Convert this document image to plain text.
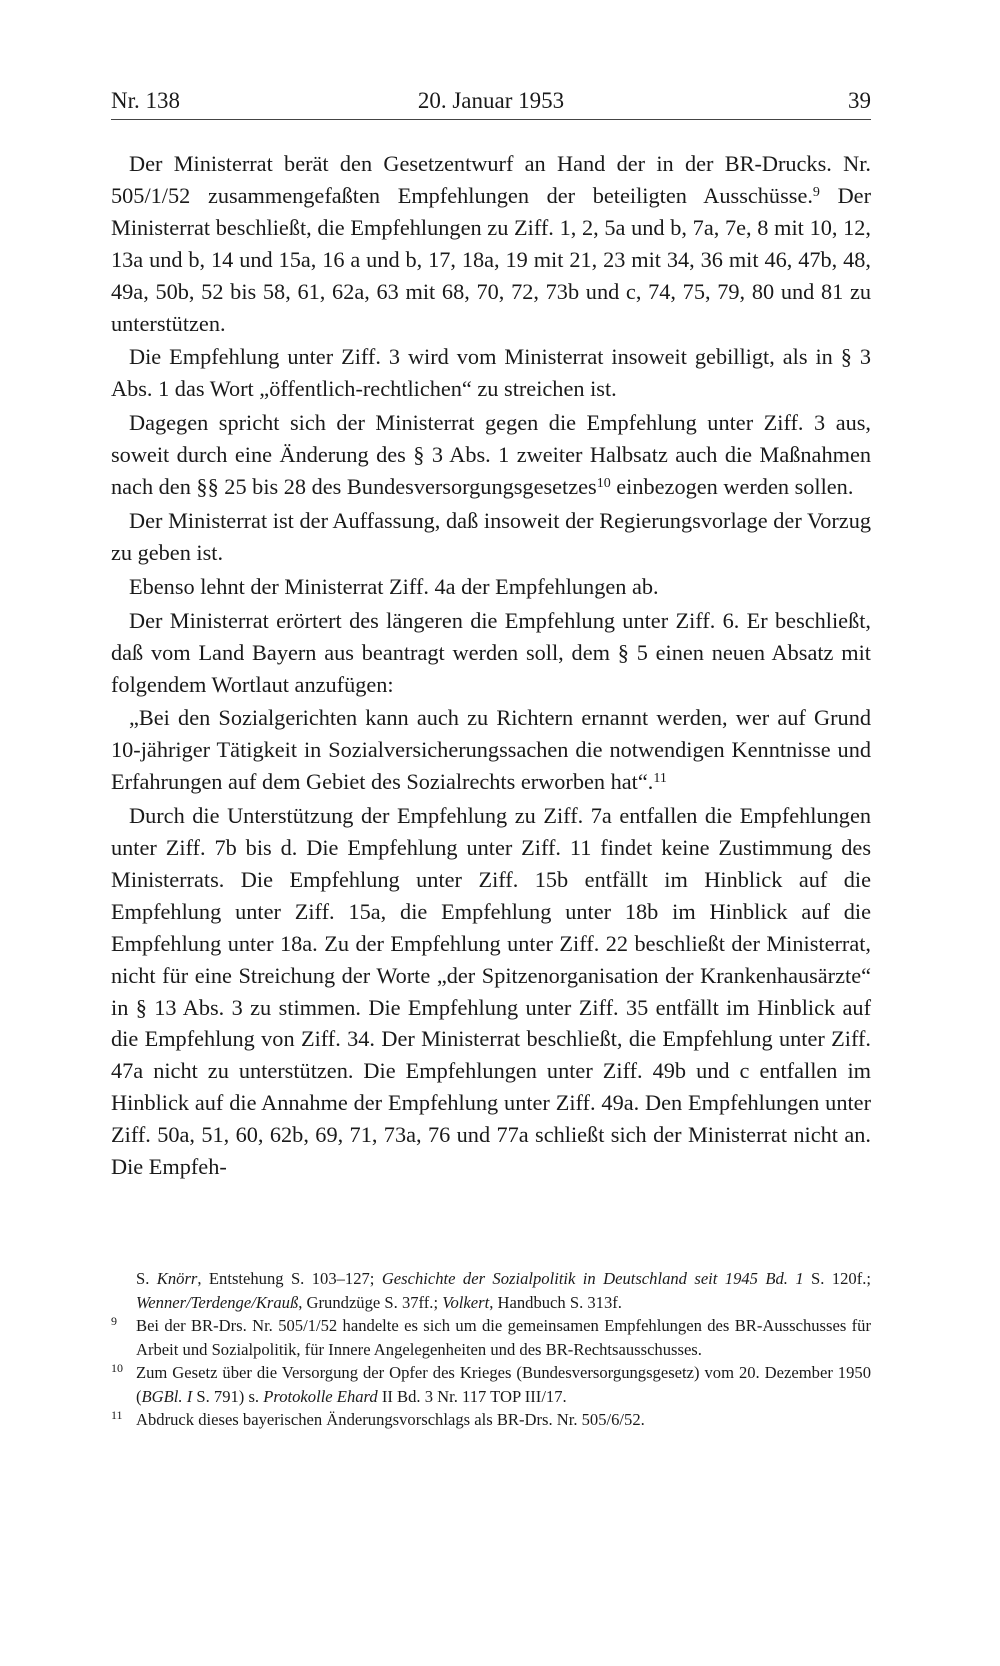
Nr. 138	20. Januar 1953	39

Der Ministerrat berät den Gesetzentwurf an Hand der in der BR-Drucks. Nr. 505/1/52 zusammengefaßten Empfehlungen der beteiligten Ausschüsse.$^9$ Der Ministerrat beschließt, die Empfehlungen zu Ziff. 1, 2, 5a und b, 7a, 7e, 8 mit 10, 12, 13a und b, 14 und 15a, 16 a und b, 17, 18a, 19 mit 21, 23 mit 34, 36 mit 46, 47b, 48, 49a, 50b, 52 bis 58, 61, 62a, 63 mit 68, 70, 72, 73b und c, 74, 75, 79, 80 und 81 zu unterstützen.

Die Empfehlung unter Ziff. 3 wird vom Ministerrat insoweit gebilligt, als in § 3 Abs. 1 das Wort „öffentlich-rechtlichen“ zu streichen ist.

Dagegen spricht sich der Ministerrat gegen die Empfehlung unter Ziff. 3 aus, soweit durch eine Änderung des § 3 Abs. 1 zweiter Halbsatz auch die Maßnahmen nach den §§ 25 bis 28 des Bundesversorgungsgesetzes$^{10}$ einbezogen werden sollen.

Der Ministerrat ist der Auffassung, daß insoweit der Regierungsvorlage der Vorzug zu geben ist.

Ebenso lehnt der Ministerrat Ziff. 4a der Empfehlungen ab.

Der Ministerrat erörtert des längeren die Empfehlung unter Ziff. 6. Er beschließt, daß vom Land Bayern aus beantragt werden soll, dem § 5 einen neuen Absatz mit folgendem Wortlaut anzufügen:

„Bei den Sozialgerichten kann auch zu Richtern ernannt werden, wer auf Grund 10-jähriger Tätigkeit in Sozialversicherungssachen die notwendigen Kenntnisse und Erfahrungen auf dem Gebiet des Sozialrechts erworben hat“.$^{11}$

Durch die Unterstützung der Empfehlung zu Ziff. 7a entfallen die Empfehlungen unter Ziff. 7b bis d. Die Empfehlung unter Ziff. 11 findet keine Zustimmung des Ministerrats. Die Empfehlung unter Ziff. 15b entfällt im Hinblick auf die Empfehlung unter Ziff. 15a, die Empfehlung unter 18b im Hinblick auf die Empfehlung unter 18a. Zu der Empfehlung unter Ziff. 22 beschließt der Ministerrat, nicht für eine Streichung der Worte „der Spitzenorganisation der Krankenhausärzte“ in § 13 Abs. 3 zu stimmen. Die Empfehlung unter Ziff. 35 entfällt im Hinblick auf die Empfehlung von Ziff. 34. Der Ministerrat beschließt, die Empfehlung unter Ziff. 47a nicht zu unterstützen. Die Empfehlungen unter Ziff. 49b und c entfallen im Hinblick auf die Annahme der Empfehlung unter Ziff. 49a. Den Empfehlungen unter Ziff. 50a, 51, 60, 62b, 69, 71, 73a, 76 und 77a schließt sich der Ministerrat nicht an. Die Empfeh-

S. Knörr, Entstehung S. 103–127; Geschichte der Sozialpolitik in Deutschland seit 1945 Bd. 1 S. 120f.; Wenner/Terdenge/Krauß, Grundzüge S. 37ff.; Volkert, Handbuch S. 313f.
9 Bei der BR-Drs. Nr. 505/1/52 handelte es sich um die gemeinsamen Empfehlungen des BR-Ausschusses für Arbeit und Sozialpolitik, für Innere Angelegenheiten und des BR-Rechtsausschusses.
10 Zum Gesetz über die Versorgung der Opfer des Krieges (Bundesversorgungsgesetz) vom 20. Dezember 1950 (BGBl. I S. 791) s. Protokolle Ehard II Bd. 3 Nr. 117 TOP III/17.
11 Abdruck dieses bayerischen Änderungsvorschlags als BR-Drs. Nr. 505/6/52.
